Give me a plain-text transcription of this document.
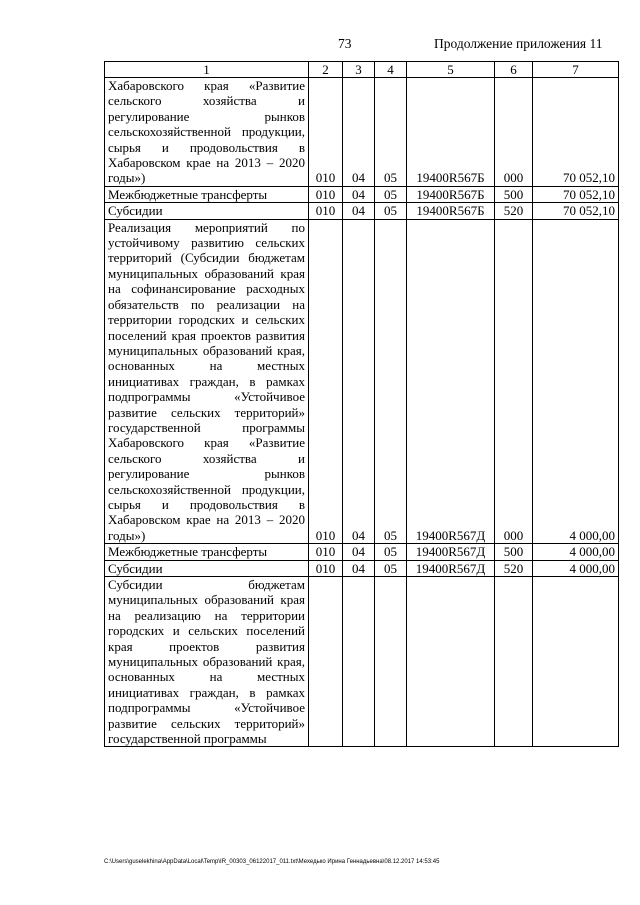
73	Продолжение приложения 11
1	2	3	4	5	6	7
Хабаровского края «Развитие сельского хозяйства и регулирование рынков сельскохозяйственной продукции, сырья и продовольствия в Хабаровском крае на 2013 – 2020 годы»)	010	04	05	19400R567Б	000	70 052,10
Межбюджетные трансферты	010	04	05	19400R567Б	500	70 052,10
Субсидии	010	04	05	19400R567Б	520	70 052,10
Реализация мероприятий по устойчивому развитию сельских территорий (Субсидии бюджетам муниципальных образований края на софинансирование расходных обязательств по реализации на территории городских и сельских поселений края проектов развития муниципальных образований края, основанных на местных инициативах граждан, в рамках подпрограммы «Устойчивое развитие сельских территорий» государственной программы Хабаровского края «Развитие сельского хозяйства и регулирование рынков сельскохозяйственной продукции, сырья и продовольствия в Хабаровском крае на 2013 – 2020 годы»)	010	04	05	19400R567Д	000	4 000,00
Межбюджетные трансферты	010	04	05	19400R567Д	500	4 000,00
Субсидии	010	04	05	19400R567Д	520	4 000,00
Субсидии бюджетам муниципальных образований края на реализацию на территории городских и сельских поселений края проектов развития муниципальных образований края, основанных на местных инициативах граждан, в рамках подпрограммы «Устойчивое развитие сельских территорий» государственной программы						
C:\Users\guselekhina\AppData\Local\Temp\IR_00303_06122017_011.txt\Мехедько Ирина Геннадьевна\08.12.2017 14:53:45
